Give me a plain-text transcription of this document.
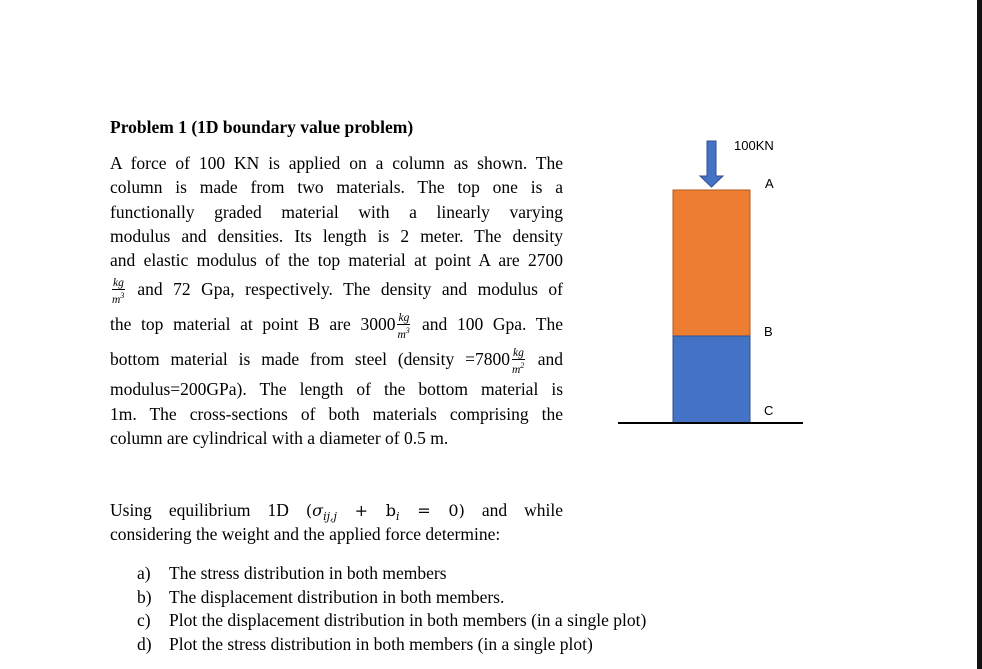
Problem 1 (1D boundary value problem)
A force of 100 KN is applied on a column as shown. The
column is made from two materials. The top one is a
functionally graded material with a linearly varying
modulus and densities. Its length is 2 meter. The density
and elastic modulus of the top material at point A are 2700
$\frac{kg}{m^3}$ and 72 Gpa, respectively. The density and modulus of
the top material at point B are $3000 \frac{kg}{m^3}$ and 100 Gpa. The
bottom material is made from steel (density $=7800 \frac{kg}{m^2}$ and
modulus=200GPa). The length of the bottom material is
1m. The cross-sections of both materials comprising the
column are cylindrical with a diameter of 0.5 m.
Using equilibrium 1D $(\sigma_{ij,j} + b_i = 0)$ and while
considering the weight and the applied force determine:
a)	The stress distribution in both members
b) The displacement distribution in both members.
c)	Plot the displacement distribution in both members (in a single plot)
d) Plot the stress distribution in both members (in a single plot)
100KN
A
B
C
